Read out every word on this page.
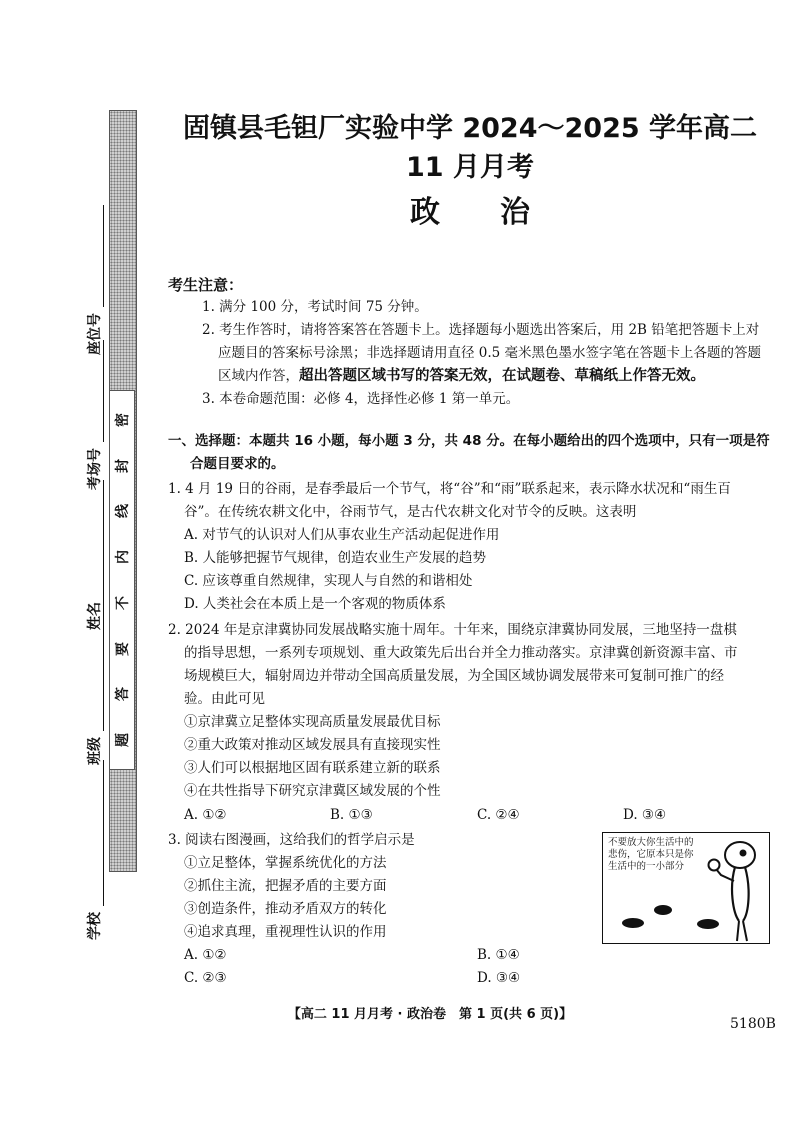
密
封
线
内
不
要
答
题
学校
班级
姓名
考场号
座位号
固镇县毛钽厂实验中学 2024～2025 学年高二 11 月月考
政治
考生注意：
1. 满分 100 分，考试时间 75 分钟。
2. 考生作答时，请将答案答在答题卡上。选择题每小题选出答案后，用 2B 铅笔把答题卡上对
应题目的答案标号涂黑；非选择题请用直径 0.5 毫米黑色墨水签字笔在答题卡上各题的答题
区域内作答，超出答题区域书写的答案无效，在试题卷、草稿纸上作答无效。
3. 本卷命题范围：必修 4，选择性必修 1 第一单元。
一、选择题：本题共 16 小题，每小题 3 分，共 48 分。在每小题给出的四个选项中，只有一项是符
合题目要求的。
1. 4 月 19 日的谷雨，是春季最后一个节气，将“谷”和“雨”联系起来，表示降水状况和“雨生百
谷”。在传统农耕文化中，谷雨节气，是古代农耕文化对节令的反映。这表明
A. 对节气的认识对人们从事农业生产活动起促进作用
B. 人能够把握节气规律，创造农业生产发展的趋势
C. 应该尊重自然规律，实现人与自然的和谐相处
D. 人类社会在本质上是一个客观的物质体系
2. 2024 年是京津冀协同发展战略实施十周年。十年来，围绕京津冀协同发展，三地坚持一盘棋
的指导思想，一系列专项规划、重大政策先后出台并全力推动落实。京津冀创新资源丰富、市
场规模巨大，辐射周边并带动全国高质量发展，为全国区域协调发展带来可复制可推广的经
验。由此可见
①京津冀立足整体实现高质量发展最优目标
②重大政策对推动区域发展具有直接现实性
③人们可以根据地区固有联系建立新的联系
④在共性指导下研究京津冀区域发展的个性
A. ①②	B. ①③	C. ②④	D. ③④
3. 阅读右图漫画，这给我们的哲学启示是
①立足整体，掌握系统优化的方法
②抓住主流，把握矛盾的主要方面
③创造条件，推动矛盾双方的转化
④追求真理，重视理性认识的作用
A. ①②	B. ①④
C. ②③	D. ③④
不要放大你生活中的
悲伤，它原本只是你
生活中的一小部分
【高二 11 月月考 · 政治卷　第 1 页(共 6 页)】
5180B
